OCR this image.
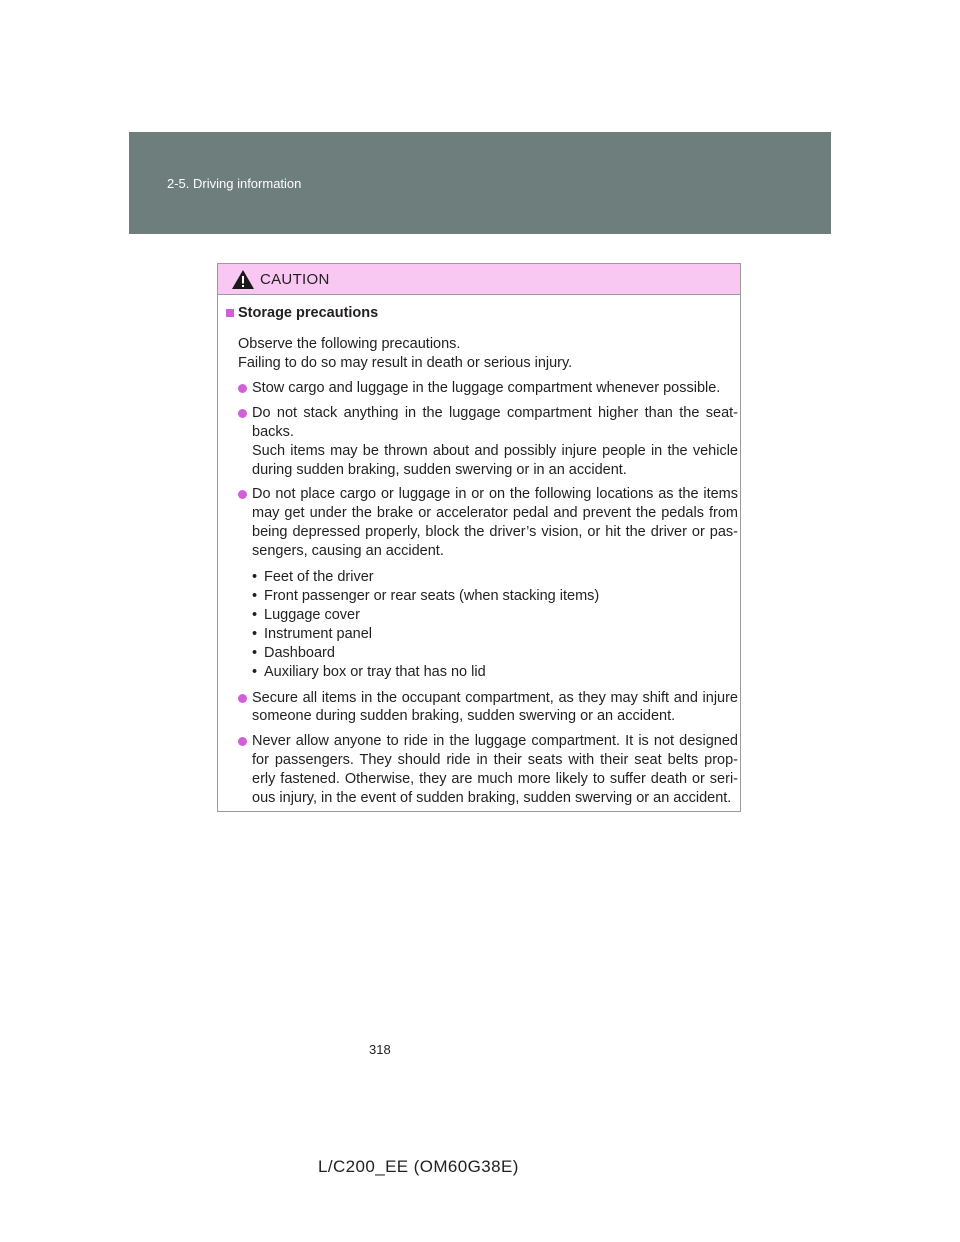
2-5. Driving information
CAUTION
Storage precautions
Observe the following precautions.
Failing to do so may result in death or serious injury.
Stow cargo and luggage in the luggage compartment whenever possible.
Do not stack anything in the luggage compartment higher than the seat-
backs.
Such items may be thrown about and possibly injure people in the vehicle
during sudden braking, sudden swerving or in an accident.
Do not place cargo or luggage in or on the following locations as the items
may get under the brake or accelerator pedal and prevent the pedals from
being depressed properly, block the driver’s vision, or hit the driver or pas-
sengers, causing an accident.
• Feet of the driver
• Front passenger or rear seats (when stacking items)
• Luggage cover
• Instrument panel
• Dashboard
• Auxiliary box or tray that has no lid
Secure all items in the occupant compartment, as they may shift and injure
someone during sudden braking, sudden swerving or an accident.
Never allow anyone to ride in the luggage compartment. It is not designed
for passengers. They should ride in their seats with their seat belts prop-
erly fastened. Otherwise, they are much more likely to suffer death or seri-
ous injury, in the event of sudden braking, sudden swerving or an accident.
318
L/C200_EE (OM60G38E)
